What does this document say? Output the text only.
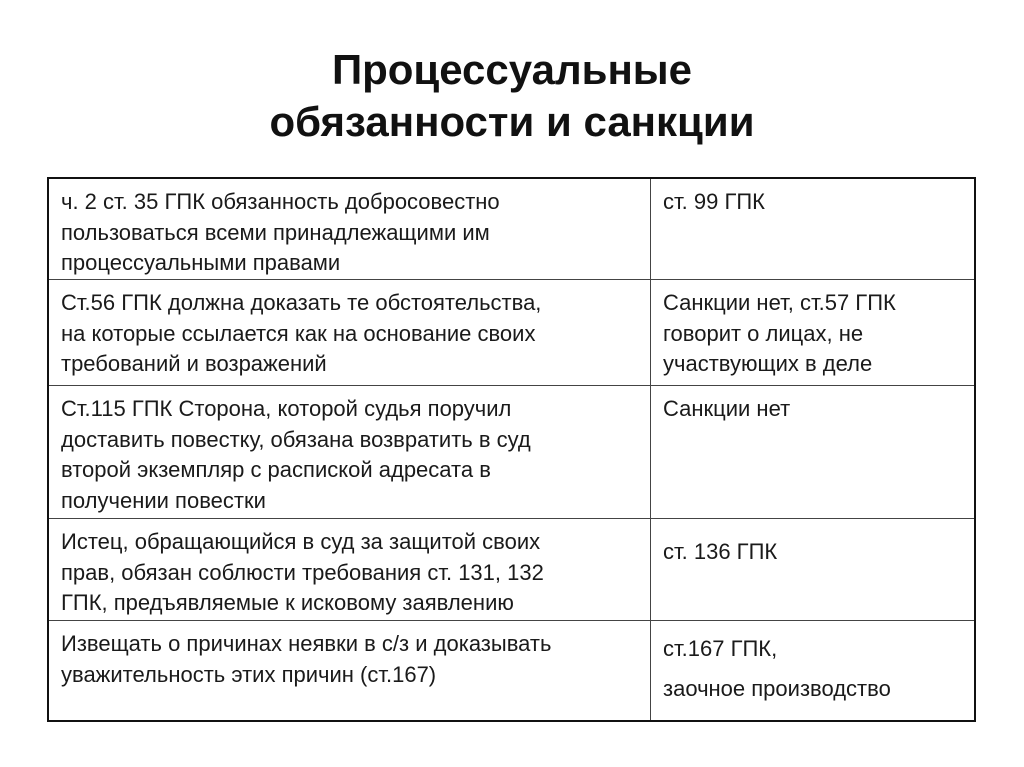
Процессуальные
обязанности и санкции
ч. 2 ст. 35 ГПК обязанность добросовестно
пользоваться всеми принадлежащими им
процессуальными правами
ст. 99 ГПК
Ст.56 ГПК должна доказать те обстоятельства,
на которые ссылается как на основание своих
требований и возражений
Санкции нет, ст.57 ГПК
говорит о лицах, не
участвующих в деле
Ст.115 ГПК Сторона, которой судья поручил
доставить повестку, обязана возвратить в суд
второй экземпляр с распиской адресата в
получении повестки
Санкции нет
Истец, обращающийся в суд за защитой своих
прав, обязан соблюсти требования ст. 131, 132
ГПК, предъявляемые к исковому заявлению
ст. 136 ГПК
Извещать о причинах неявки в с/з и доказывать
уважительность этих причин (ст.167)
ст.167 ГПК,
заочное производство
